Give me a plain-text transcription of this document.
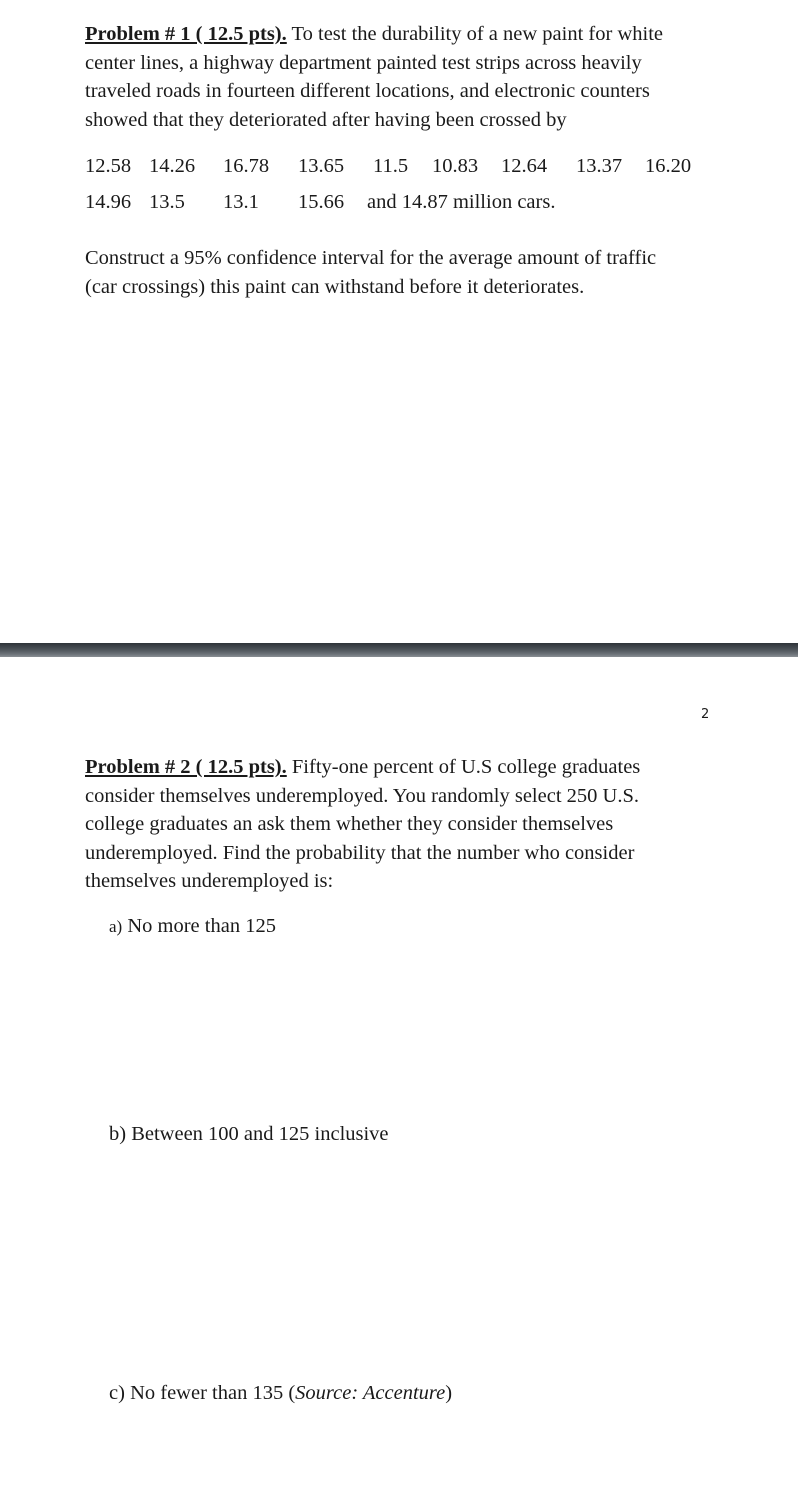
Problem # 1 ( 12.5 pts). To test the durability of a new paint for white
center lines, a highway department painted test strips across heavily
traveled roads in fourteen different locations, and electronic counters
showed that they deteriorated after having been crossed by

12.58 14.26 16.78 13.65 11.5 10.83 12.64 13.37 16.20
14.96 13.5 13.1 15.66 and 14.87 million cars.

Construct a 95% confidence interval for the average amount of traffic
(car crossings) this paint can withstand before it deteriorates.

2

Problem # 2 ( 12.5 pts). Fifty-one percent of U.S college graduates
consider themselves underemployed. You randomly select 250 U.S.
college graduates an ask them whether they consider themselves
underemployed. Find the probability that the number who consider
themselves underemployed is:

a) No more than 125
b) Between 100 and 125 inclusive
c) No fewer than 135 (Source: Accenture)
